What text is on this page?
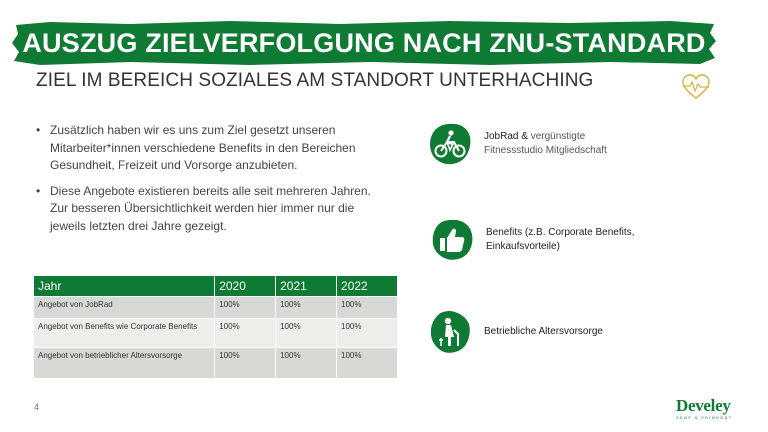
AUSZUG ZIELVERFOLGUNG NACH ZNU-STANDARD
ZIEL IM BEREICH SOZIALES AM STANDORT UNTERHACHING
• Zusätzlich haben wir es uns zum Ziel gesetzt unseren Mitarbeiter*innen verschiedene Benefits in den Bereichen Gesundheit, Freizeit und Vorsorge anzubieten.
• Diese Angebote existieren bereits alle seit mehreren Jahren. Zur besseren Übersichtlichkeit werden hier immer nur die jeweils letzten drei Jahre gezeigt.
Jahr	2020	2021	2022
Angebot von JobRad	100%	100%	100%
Angebot von Benefits wie Corporate Benefits	100%	100%	100%
Angebot von betrieblicher Altersvorsorge	100%	100%	100%
JobRad & vergünstigte
Fitnessstudio Mitgliedschaft
Benefits (z.B. Corporate Benefits,
Einkaufsvorteile)
Betriebliche Altersvorsorge
4	Develey
SENF & FEINKOST
